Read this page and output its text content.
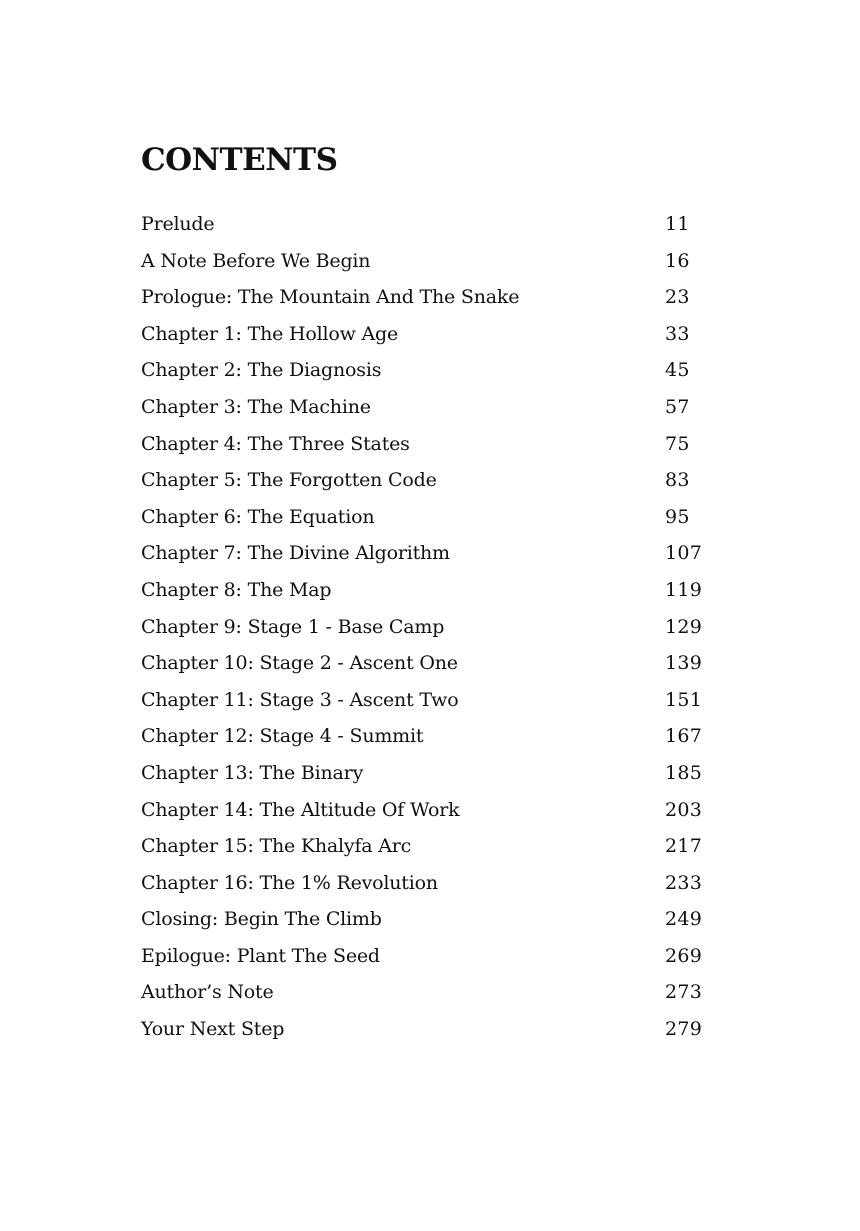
CONTENTS
Prelude	11
A Note Before We Begin	16
Prologue: The Mountain And The Snake	23
Chapter 1: The Hollow Age	33
Chapter 2: The Diagnosis	45
Chapter 3: The Machine	57
Chapter 4: The Three States	75
Chapter 5: The Forgotten Code	83
Chapter 6: The Equation	95
Chapter 7: The Divine Algorithm	107
Chapter 8: The Map	119
Chapter 9: Stage 1 - Base Camp	129
Chapter 10: Stage 2 - Ascent One	139
Chapter 11: Stage 3 - Ascent Two	151
Chapter 12: Stage 4 - Summit	167
Chapter 13: The Binary	185
Chapter 14: The Altitude Of Work	203
Chapter 15: The Khalyfa Arc	217
Chapter 16: The 1% Revolution	233
Closing: Begin The Climb	249
Epilogue: Plant The Seed	269
Author’s Note	273
Your Next Step	279
